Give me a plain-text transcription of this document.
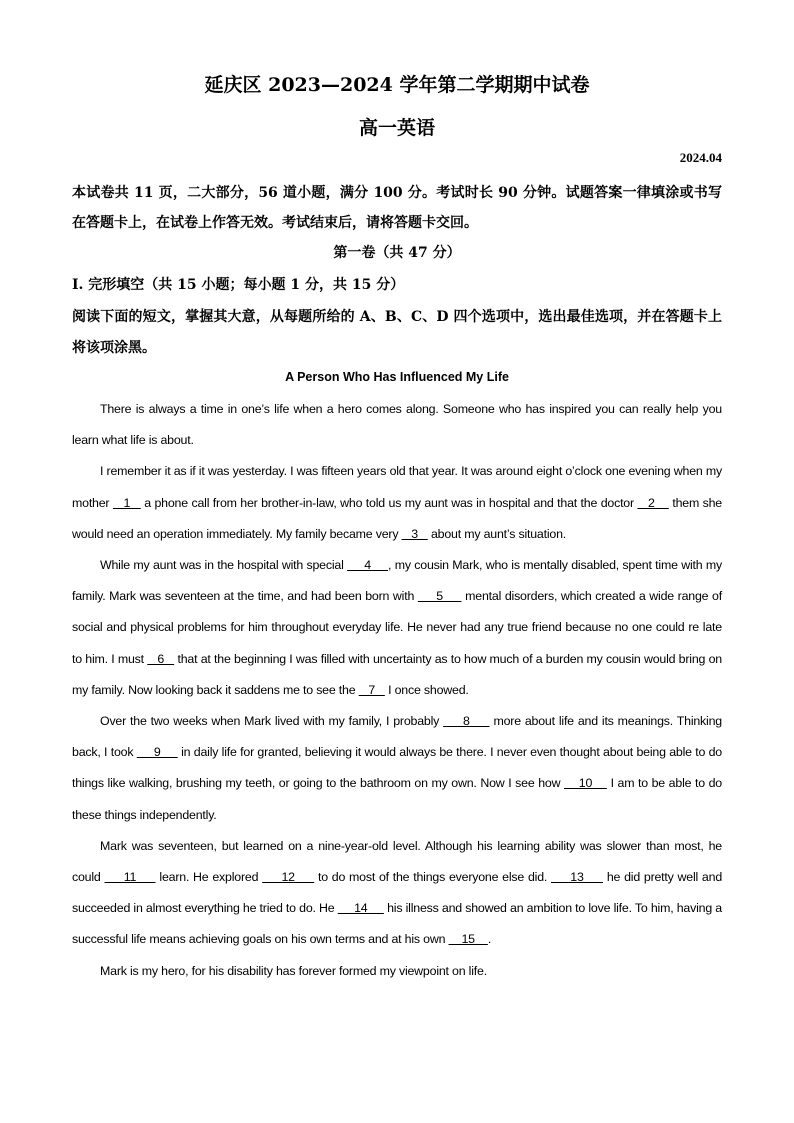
延庆区 2023—2024 学年第二学期期中试卷
高一英语
2024.04
本试卷共 11 页，二大部分，56 道小题，满分 100 分。考试时长 90 分钟。试题答案一律填涂或书写在答题卡上，在试卷上作答无效。考试结束后，请将答题卡交回。
第一卷（共 47 分）
Ⅰ. 完形填空（共 15 小题；每小题 1 分，共 15 分）
阅读下面的短文，掌握其大意，从每题所给的 A、B、C、D 四个选项中，选出最佳选项，并在答题卡上将该项涂黑。
A Person Who Has Influenced My Life

There is always a time in one’s life when a hero comes along. Someone who has inspired you can really help you learn what life is about.

I remember it as if it was yesterday. I was fifteen years old that year. It was around eight o’clock one evening when my mother    1    a phone call from her brother-in-law, who told us my aunt was in hospital and that the doctor    2     them she would need an operation immediately. My family became very    3    about my aunt’s situation.

While my aunt was in the hospital with special      4     , my cousin Mark, who is mentally disabled, spent time with my family. Mark was seventeen at the time, and had been born with      5      mental disorders, which created a wide range of social and physical problems for him throughout everyday life. He never had any true friend because no one could re late to him. I must    6    that at the beginning I was filled with uncertainty as to how much of a burden my cousin would bring on my family. Now looking back it saddens me to see the    7    I once showed.

Over the two weeks when Mark lived with my family, I probably      8      more about life and its meanings. Thinking back, I took      9      in daily life for granted, believing it would always be there. I never even thought about being able to do things like walking, brushing my teeth, or going to the bathroom on my own. Now I see how     10     I am to be able to do these things independently.

Mark was seventeen, but learned on a nine-year-old level. Although his learning ability was slower than most, he could      11      learn. He explored      12      to do most of the things everyone else did.      13      he did pretty well and succeeded in almost everything he tried to do. He      14      his illness and showed an ambition to love life. To him, having a successful life means achieving goals on his own terms and at his own     15    .

Mark is my hero, for his disability has forever formed my viewpoint on life.
